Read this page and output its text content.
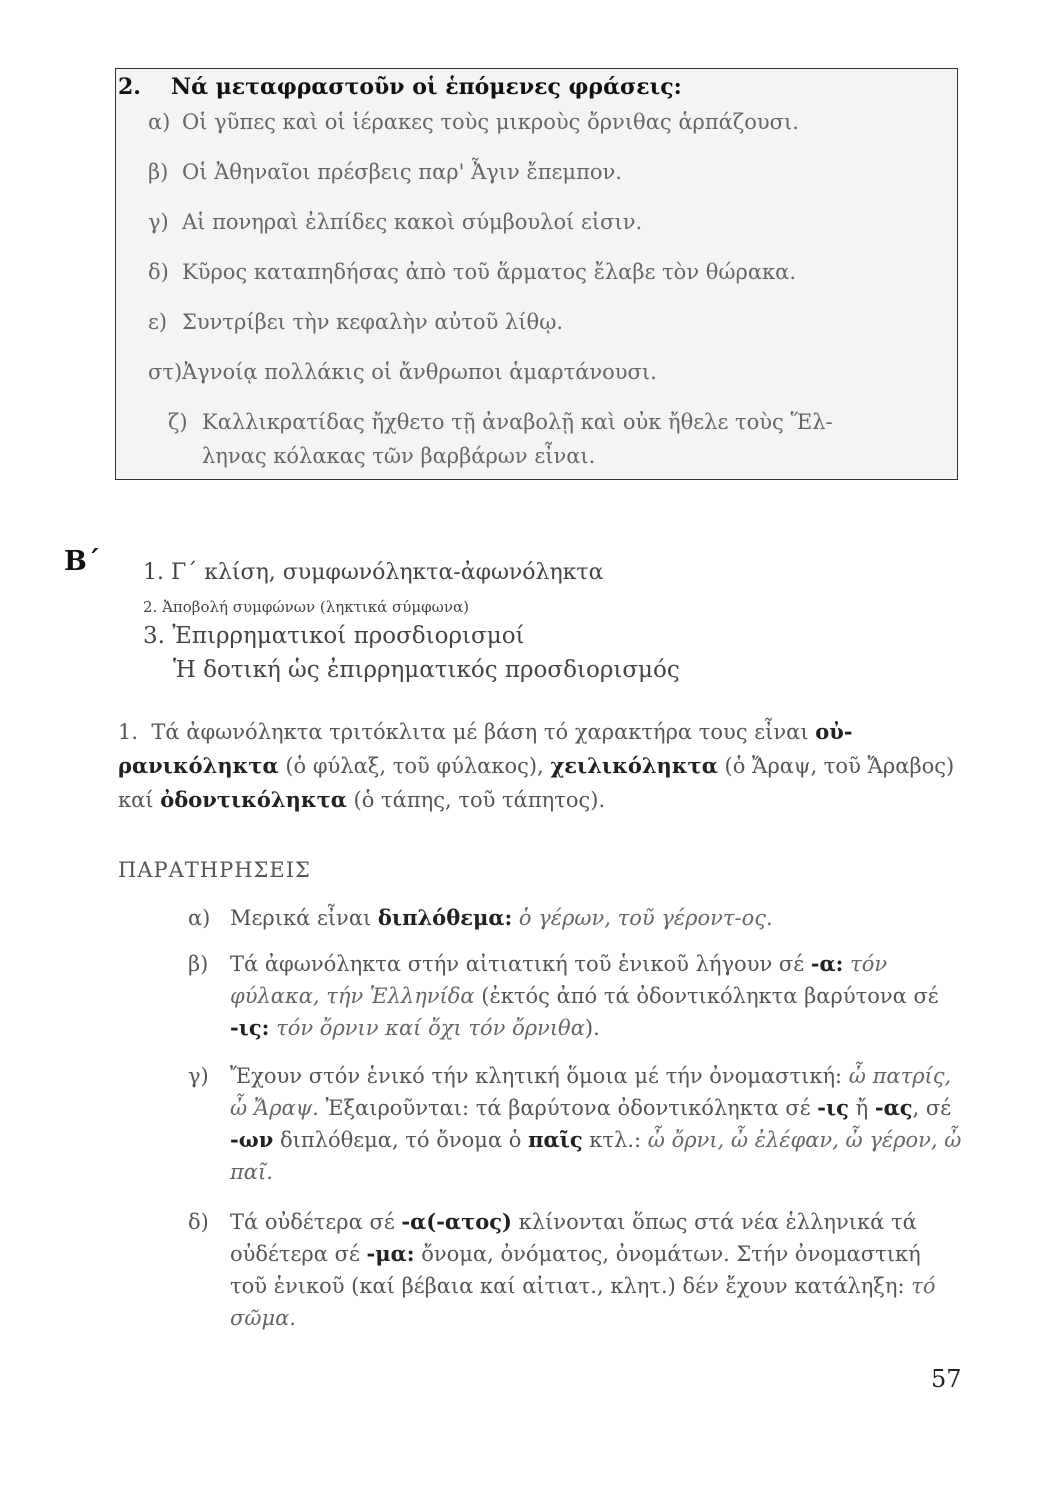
2. Νά μεταφραστοῦν οἱ ἑπόμενες φράσεις:
α) Οἱ γῦπες καὶ οἱ ἱέρακες τοὺς μικροὺς ὄρνιθας ἁρπάζουσι.
β) Οἱ Ἀθηναῖοι πρέσβεις παρ' Ἆγιν ἔπεμπον.
γ) Αἱ πονηραὶ ἐλπίδες κακοὶ σύμβουλοί εἰσιν.
δ) Κῦρος καταπηδήσας ἀπὸ τοῦ ἅρματος ἔλαβε τὸν θώρακα.
ε) Συντρίβει τὴν κεφαλὴν αὐτοῦ λίθῳ.
στ)Ἀγνοίᾳ πολλάκις οἱ ἄνθρωποι ἁμαρτάνουσι.
ζ) Καλλικρατίδας ἤχθετο τῇ ἀναβολῇ καὶ οὐκ ἤθελε τοὺς Ἕλ-
ληνας κόλακας τῶν βαρβάρων εἶναι.
Β΄ 1. Γ΄ κλίση, συμφωνόληκτα-ἀφωνόληκτα
2. Ἀποβολή συμφώνων (ληκτικά σύμφωνα)
3. Ἐπιρρηματικοί προσδιορισμοί
Ἡ δοτική ὡς ἐπιρρηματικός προσδιορισμός
1. Τά ἀφωνόληκτα τριτόκλιτα μέ βάση τό χαρακτήρα τους εἶναι οὐ-ρανικόληκτα (ὁ φύλαξ, τοῦ φύλακος), χειλικόληκτα (ὁ Ἄραψ, τοῦ Ἄραβος) καί ὀδοντικόληκτα (ὁ τάπης, τοῦ τάπητος).
ΠΑΡΑΤΗΡΗΣΕΙΣ
α) Μερικά εἶναι διπλόθεμα: ὁ γέρων, τοῦ γέροντ-ος.
β) Τά ἀφωνόληκτα στήν αἰτιατική τοῦ ἑνικοῦ λήγουν σέ -α: τόν φύλακα, τήν Ἑλληνίδα (ἐκτός ἀπό τά ὀδοντικόληκτα βαρύτονα σέ -ις: τόν ὄρνιν καί ὄχι τόν ὄρνιθα).
γ) Ἔχουν στόν ἑνικό τήν κλητική ὅμοια μέ τήν ὀνομαστική: ὦ πατρίς, ὦ Ἄραψ. Ἐξαιροῦνται: τά βαρύτονα ὀδοντικόληκτα σέ -ις ἤ -ας, σέ -ων διπλόθεμα, τό ὄνομα ὁ παῖς κτλ.: ὦ ὄρνι, ὦ ἐλέφαν, ὦ γέρον, ὦ παῖ.
δ) Τά οὐδέτερα σέ -α(-ατος) κλίνονται ὅπως στά νέα ἑλληνικά τά οὐδέτερα σέ -μα: ὄνομα, ὀνόματος, ὀνομάτων. Στήν ὀνομαστική τοῦ ἑνικοῦ (καί βέβαια καί αἰτιατ., κλητ.) δέν ἔχουν κατάληξη: τό σῶμα.
57
